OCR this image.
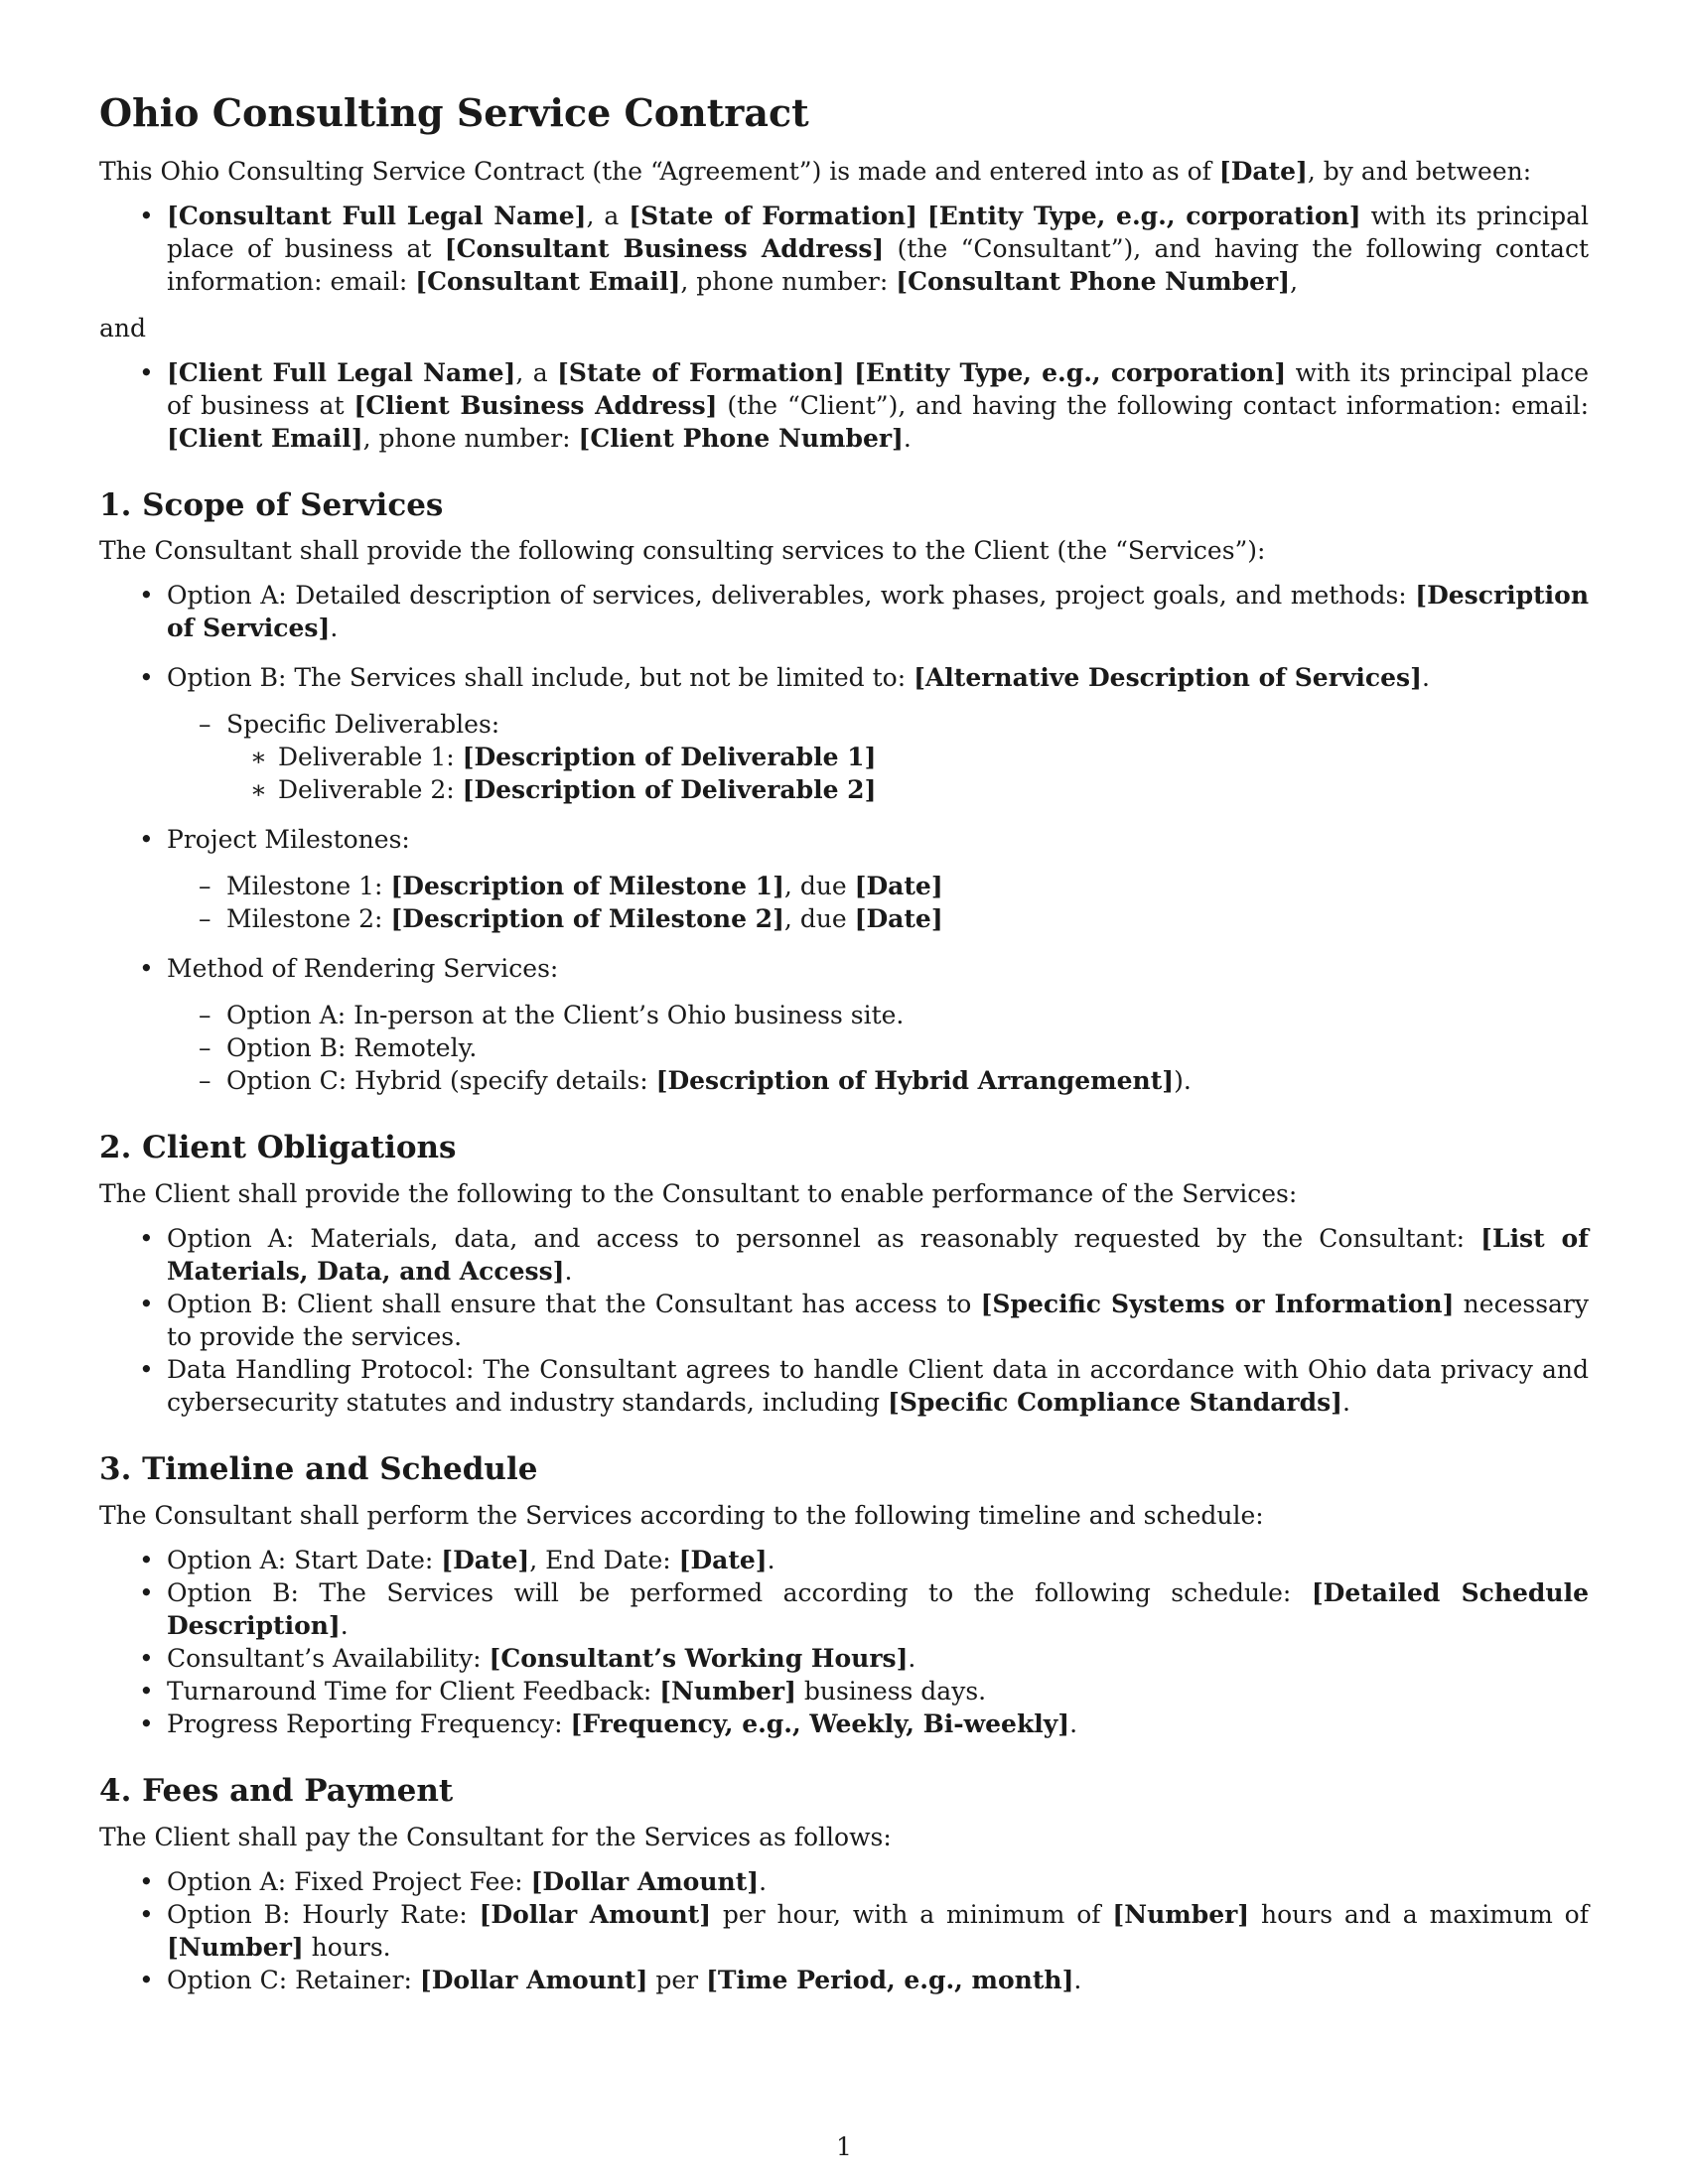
Ohio Consulting Service Contract

This Ohio Consulting Service Contract (the “Agreement”) is made and entered into as of [Date], by and between:

• [Consultant Full Legal Name], a [State of Formation] [Entity Type, e.g., corporation] with its principal place of business at [Consultant Business Address] (the “Consultant”), and having the following contact information: email: [Consultant Email], phone number: [Consultant Phone Number],

and

• [Client Full Legal Name], a [State of Formation] [Entity Type, e.g., corporation] with its principal place of business at [Client Business Address] (the “Client”), and having the following contact information: email: [Client Email], phone number: [Client Phone Number].
1. Scope of Services

The Consultant shall provide the following consulting services to the Client (the “Services”):

• Option A: Detailed description of services, deliverables, work phases, project goals, and methods: [Description of Services].
• Option B: The Services shall include, but not be limited to: [Alternative Description of Services].
– Specific Deliverables:
∗ Deliverable 1: [Description of Deliverable 1]
∗ Deliverable 2: [Description of Deliverable 2]
• Project Milestones:
– Milestone 1: [Description of Milestone 1], due [Date]
– Milestone 2: [Description of Milestone 2], due [Date]
• Method of Rendering Services:
– Option A: In-person at the Client’s Ohio business site.
– Option B: Remotely.
– Option C: Hybrid (specify details: [Description of Hybrid Arrangement]).
2. Client Obligations

The Client shall provide the following to the Consultant to enable performance of the Services:

• Option A: Materials, data, and access to personnel as reasonably requested by the Consultant: [List of Materials, Data, and Access].
• Option B: Client shall ensure that the Consultant has access to [Specific Systems or Information] necessary to provide the services.
• Data Handling Protocol: The Consultant agrees to handle Client data in accordance with Ohio data privacy and cybersecurity statutes and industry standards, including [Specific Compliance Standards].
3. Timeline and Schedule

The Consultant shall perform the Services according to the following timeline and schedule:

• Option A: Start Date: [Date], End Date: [Date].
• Option B: The Services will be performed according to the following schedule: [Detailed Schedule Description].
• Consultant’s Availability: [Consultant’s Working Hours].
• Turnaround Time for Client Feedback: [Number] business days.
• Progress Reporting Frequency: [Frequency, e.g., Weekly, Bi-weekly].
4. Fees and Payment

The Client shall pay the Consultant for the Services as follows:

• Option A: Fixed Project Fee: [Dollar Amount].
• Option B: Hourly Rate: [Dollar Amount] per hour, with a minimum of [Number] hours and a maximum of [Number] hours.
• Option C: Retainer: [Dollar Amount] per [Time Period, e.g., month].
1
